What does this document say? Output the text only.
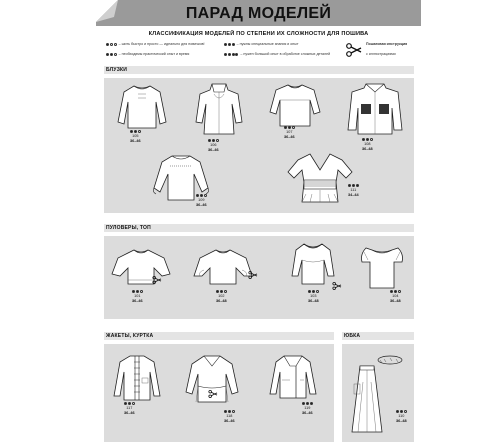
ПАРАД МОДЕЛЕЙ
КЛАССИФИКАЦИЯ МОДЕЛЕЙ ПО СТЕПЕНИ ИХ СЛОЖНОСТИ ДЛЯ ПОШИВА
– шить быстро и просто — идеально для новичков!
– необходимы практический опыт и время
– нужны специальные знания и опыт
– нужен большой опыт в обработке сложных деталей
Пошаговая инструкция
с иллюстрациями
БЛУЗКИ
ПУЛОВЕРЫ, ТОП
ЖАКЕТЫ, КУРТКА	ЮБКА
105
36–46
106
36–46
107
36–46
108
36–48
109
36–46
111
34–44
101
36–46
102
36–48
103
36–48
104
36–48
117
36–46
118
36–46
119
36–46
110
36–48
